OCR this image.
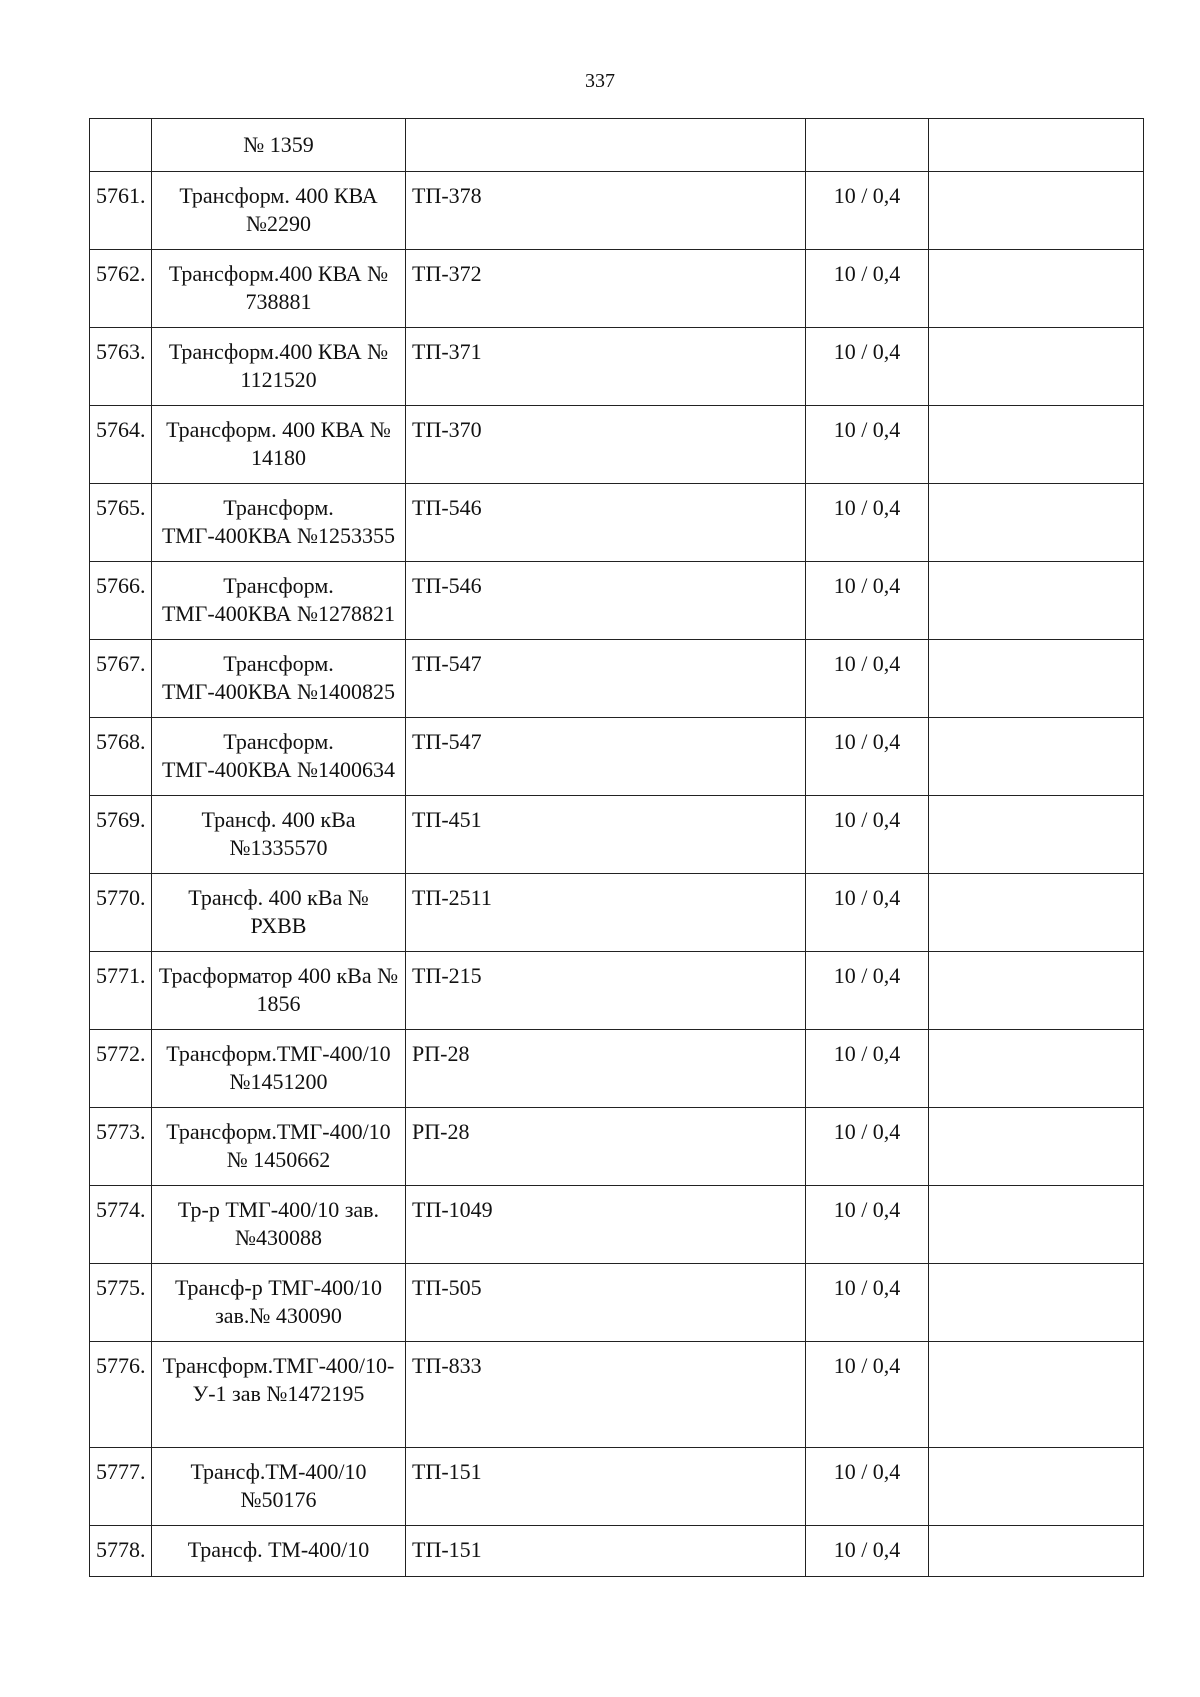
337
	№ 1359			
5761.	Трансформ. 400 КВА №2290	ТП-378	10 / 0,4	
5762.	Трансформ.400 КВА № 738881	ТП-372	10 / 0,4	
5763.	Трансформ.400 КВА № 1121520	ТП-371	10 / 0,4	
5764.	Трансформ. 400 КВА № 14180	ТП-370	10 / 0,4	
5765.	Трансформ. ТМГ-400КВА №1253355	ТП-546	10 / 0,4	
5766.	Трансформ. ТМГ-400КВА №1278821	ТП-546	10 / 0,4	
5767.	Трансформ. ТМГ-400КВА №1400825	ТП-547	10 / 0,4	
5768.	Трансформ. ТМГ-400КВА №1400634	ТП-547	10 / 0,4	
5769.	Трансф. 400 кВа №1335570	ТП-451	10 / 0,4	
5770.	Трансф. 400 кВа № РХВВ	ТП-2511	10 / 0,4	
5771.	Трасформатор 400 кВа № 1856	ТП-215	10 / 0,4	
5772.	Трансформ.ТМГ-400/10 №1451200	РП-28	10 / 0,4	
5773.	Трансформ.ТМГ-400/10 № 1450662	РП-28	10 / 0,4	
5774.	Тр-р ТМГ-400/10 зав.№430088	ТП-1049	10 / 0,4	
5775.	Трансф-р ТМГ-400/10 зав.№ 430090	ТП-505	10 / 0,4	
5776.	Трансформ.ТМГ-400/10-У-1 зав №1472195	ТП-833	10 / 0,4	
5777.	Трансф.ТМ-400/10 №50176	ТП-151	10 / 0,4	
5778.	Трансф. ТМ-400/10	ТП-151	10 / 0,4	
